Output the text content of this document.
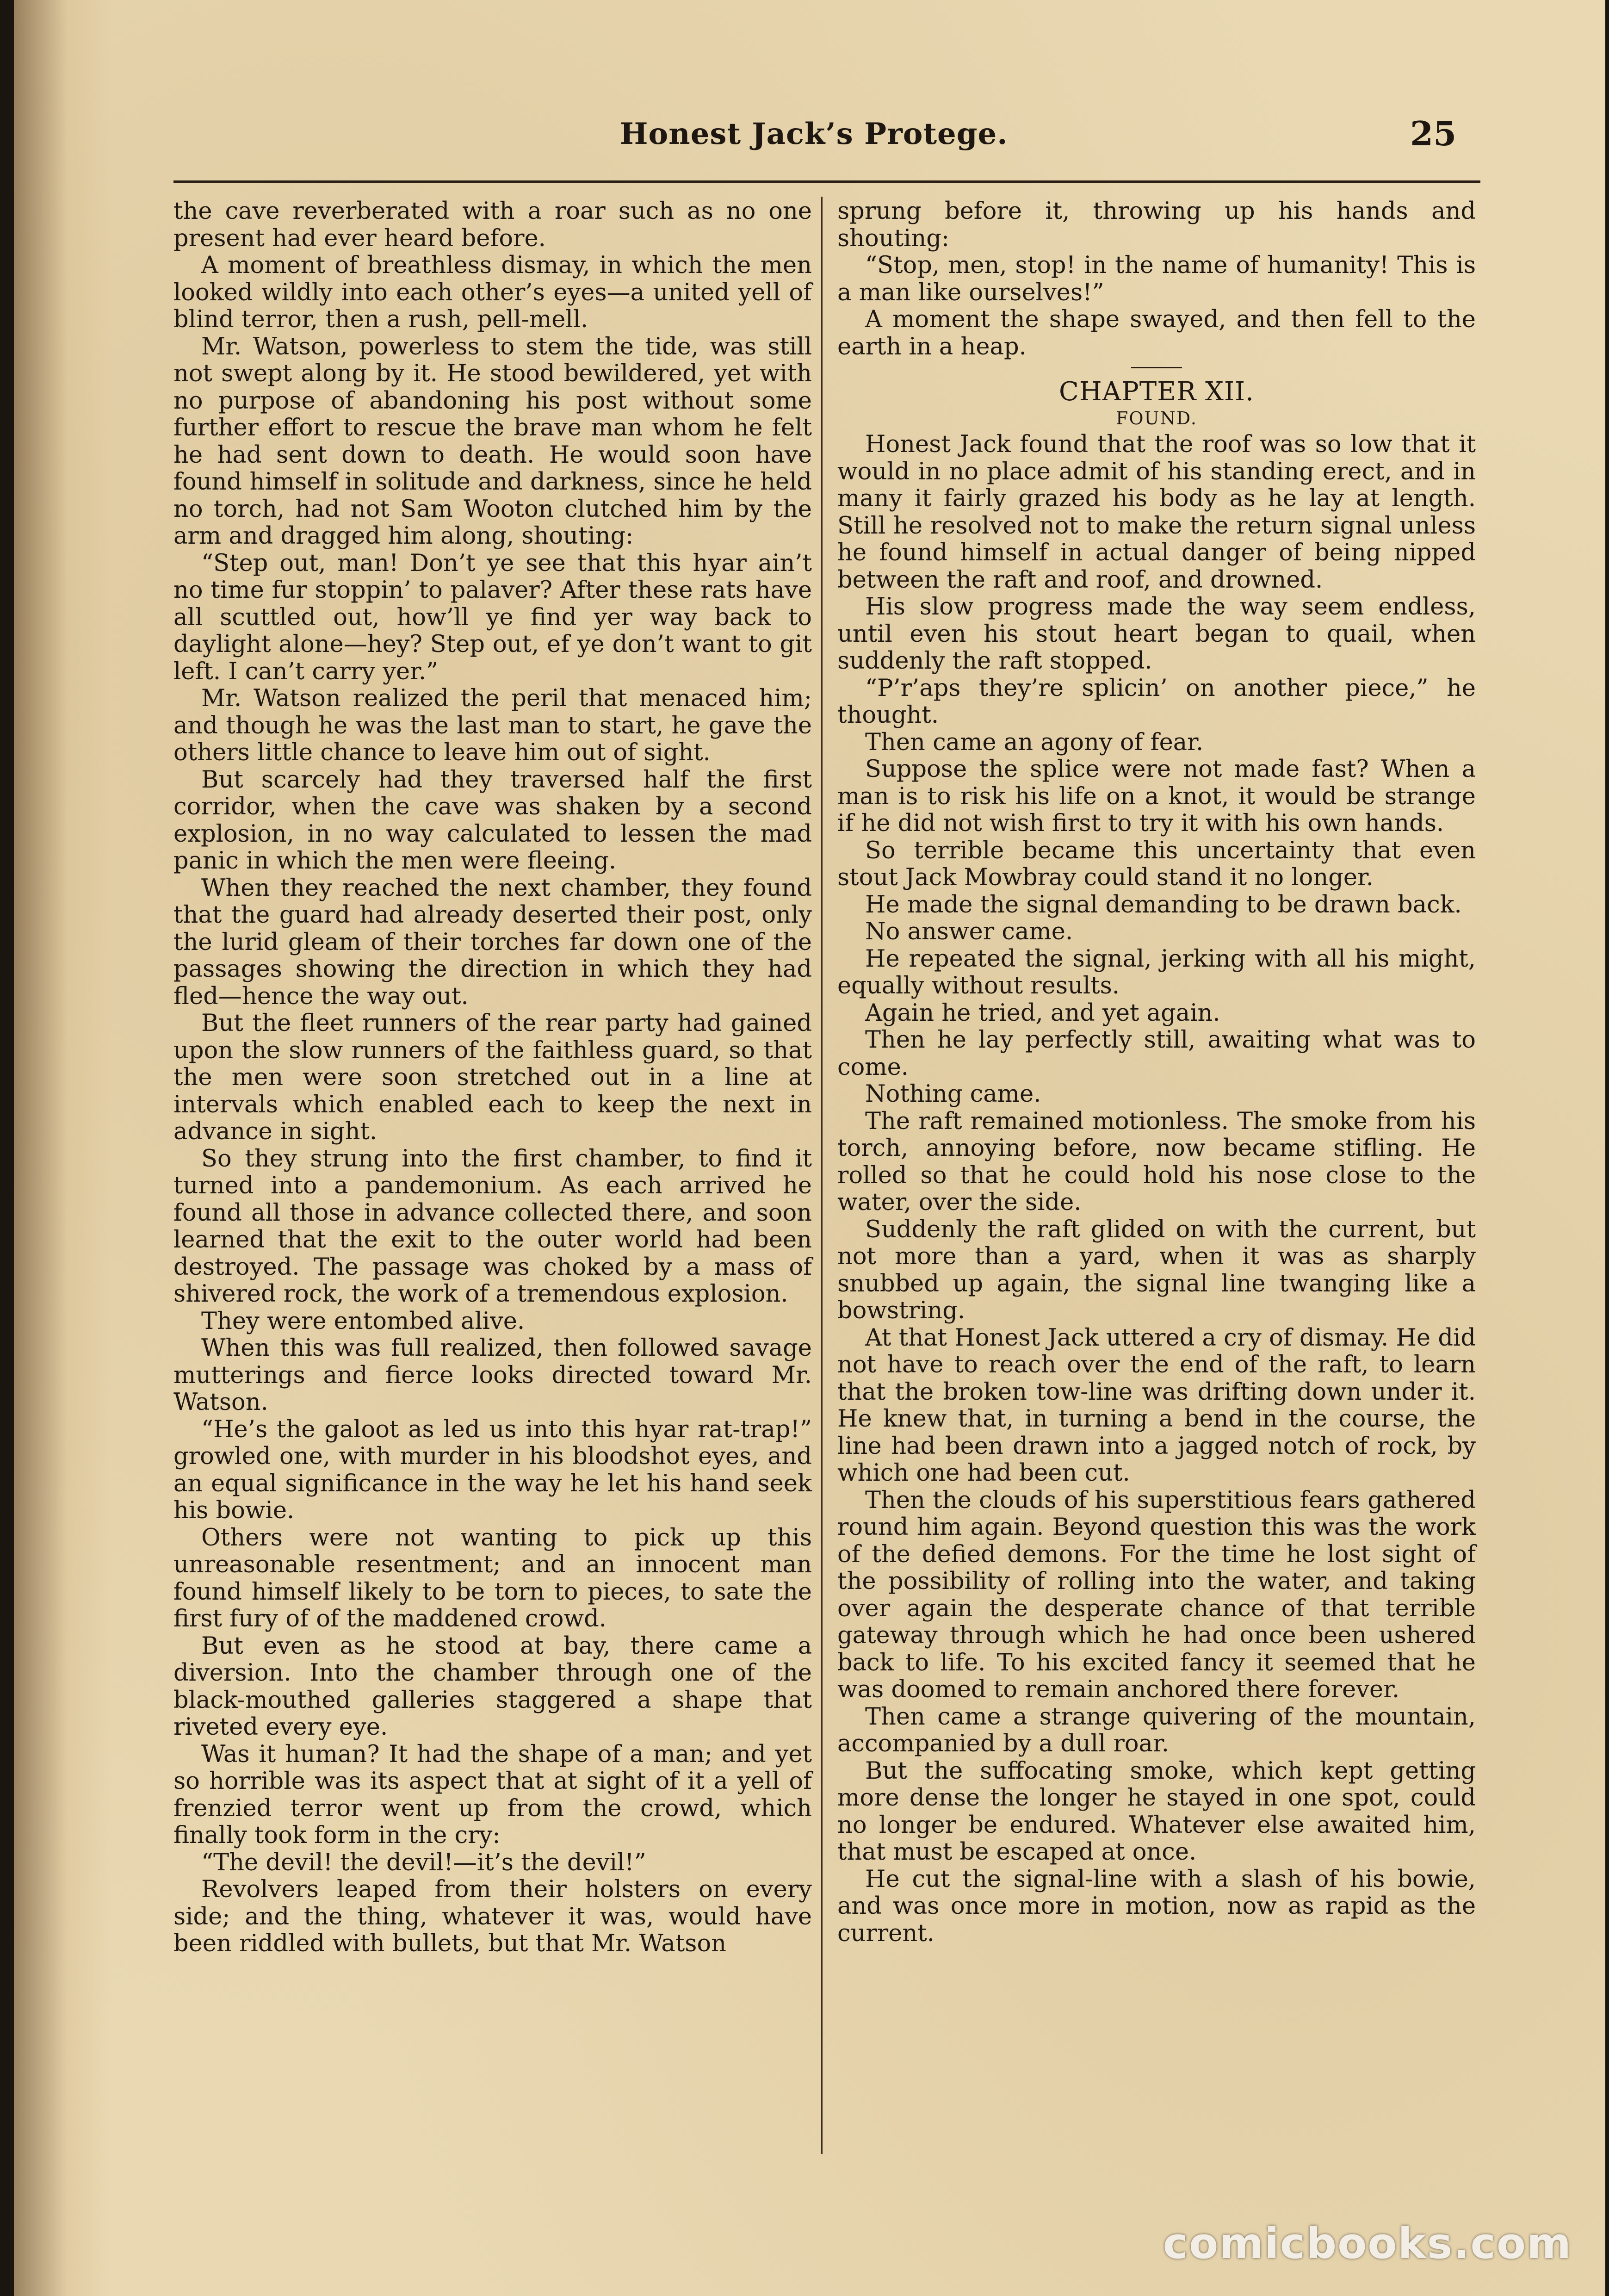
Honest Jack’s Protege.	25

the cave reverberated with a roar such as no one present had ever heard before.

A moment of breathless dismay, in which the men looked wildly into each other’s eyes—a united yell of blind terror, then a rush, pell-mell.

Mr. Watson, powerless to stem the tide, was still not swept along by it. He stood bewildered, yet with no purpose of abandoning his post without some further effort to rescue the brave man whom he felt he had sent down to death. He would soon have found himself in solitude and darkness, since he held no torch, had not Sam Wooton clutched him by the arm and dragged him along, shouting:

“Step out, man! Don’t ye see that this hyar ain’t no time fur stoppin’ to palaver? After these rats have all scuttled out, how’ll ye find yer way back to daylight alone—hey? Step out, ef ye don’t want to git left. I can’t carry yer.”

Mr. Watson realized the peril that menaced him; and though he was the last man to start, he gave the others little chance to leave him out of sight.

But scarcely had they traversed half the first corridor, when the cave was shaken by a second explosion, in no way calculated to lessen the mad panic in which the men were fleeing.

When they reached the next chamber, they found that the guard had already deserted their post, only the lurid gleam of their torches far down one of the passages showing the direction in which they had fled—hence the way out.

But the fleet runners of the rear party had gained upon the slow runners of the faithless guard, so that the men were soon stretched out in a line at intervals which enabled each to keep the next in advance in sight.

So they strung into the first chamber, to find it turned into a pandemonium. As each arrived he found all those in advance collected there, and soon learned that the exit to the outer world had been destroyed. The passage was choked by a mass of shivered rock, the work of a tremendous explosion.

They were entombed alive.

When this was full realized, then followed savage mutterings and fierce looks directed toward Mr. Watson.

“He’s the galoot as led us into this hyar rat-trap!” growled one, with murder in his bloodshot eyes, and an equal significance in the way he let his hand seek his bowie.

Others were not wanting to pick up this unreasonable resentment; and an innocent man found himself likely to be torn to pieces, to sate the first fury of of the maddened crowd.

But even as he stood at bay, there came a diversion. Into the chamber through one of the black-mouthed galleries staggered a shape that riveted every eye.

Was it human? It had the shape of a man; and yet so horrible was its aspect that at sight of it a yell of frenzied terror went up from the crowd, which finally took form in the cry:

“The devil! the devil!—it’s the devil!”

Revolvers leaped from their holsters on every side; and the thing, whatever it was, would have been riddled with bullets, but that Mr. Watson

sprung before it, throwing up his hands and shouting:

“Stop, men, stop! in the name of humanity! This is a man like ourselves!”

A moment the shape swayed, and then fell to the earth in a heap.

CHAPTER XII.
FOUND.

Honest Jack found that the roof was so low that it would in no place admit of his standing erect, and in many it fairly grazed his body as he lay at length. Still he resolved not to make the return signal unless he found himself in actual danger of being nipped between the raft and roof, and drowned.

His slow progress made the way seem endless, until even his stout heart began to quail, when suddenly the raft stopped.

“P’r’aps they’re splicin’ on another piece,” he thought.

Then came an agony of fear.

Suppose the splice were not made fast? When a man is to risk his life on a knot, it would be strange if he did not wish first to try it with his own hands.

So terrible became this uncertainty that even stout Jack Mowbray could stand it no longer.

He made the signal demanding to be drawn back.

No answer came.

He repeated the signal, jerking with all his might, equally without results.

Again he tried, and yet again.

Then he lay perfectly still, awaiting what was to come.

Nothing came.

The raft remained motionless. The smoke from his torch, annoying before, now became stifling. He rolled so that he could hold his nose close to the water, over the side.

Suddenly the raft glided on with the current, but not more than a yard, when it was as sharply snubbed up again, the signal line twanging like a bowstring.

At that Honest Jack uttered a cry of dismay. He did not have to reach over the end of the raft, to learn that the broken tow-line was drifting down under it. He knew that, in turning a bend in the course, the line had been drawn into a jagged notch of rock, by which one had been cut.

Then the clouds of his superstitious fears gathered round him again. Beyond question this was the work of the defied demons. For the time he lost sight of the possibility of rolling into the water, and taking over again the desperate chance of that terrible gateway through which he had once been ushered back to life. To his excited fancy it seemed that he was doomed to remain anchored there forever.

Then came a strange quivering of the mountain, accompanied by a dull roar.

But the suffocating smoke, which kept getting more dense the longer he stayed in one spot, could no longer be endured. Whatever else awaited him, that must be escaped at once.

He cut the signal-line with a slash of his bowie, and was once more in motion, now as rapid as the current.

comicbooks.com
